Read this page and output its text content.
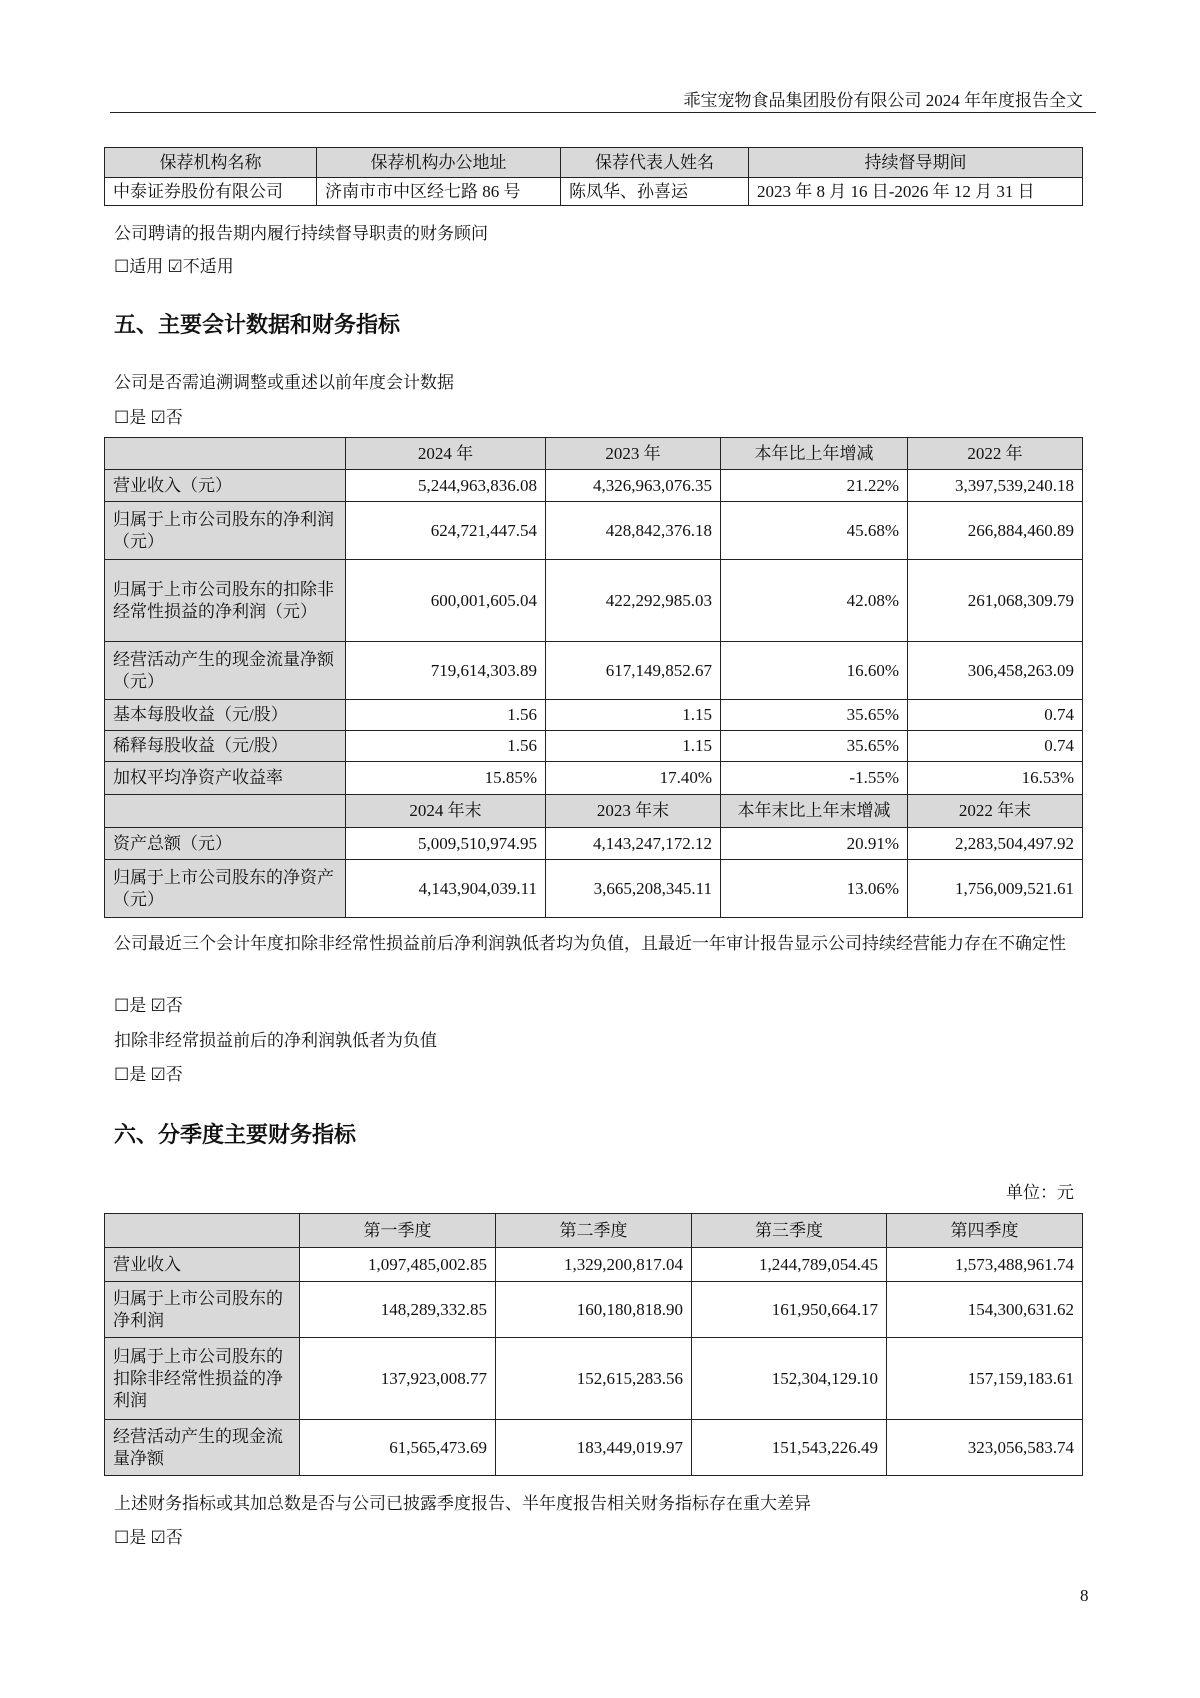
乖宝宠物食品集团股份有限公司 2024 年年度报告全文
保荐机构名称	保荐机构办公地址	保荐代表人姓名	持续督导期间
中泰证券股份有限公司	济南市市中区经七路 86 号	陈凤华、孙喜运	2023 年 8 月 16 日-2026 年 12 月 31 日
公司聘请的报告期内履行持续督导职责的财务顾问
☐适用 ☑不适用
五、主要会计数据和财务指标
公司是否需追溯调整或重述以前年度会计数据
☐是 ☑否
	2024 年	2023 年	本年比上年增减	2022 年
营业收入（元）	5,244,963,836.08	4,326,963,076.35	21.22%	3,397,539,240.18
归属于上市公司股东的净利润（元）	624,721,447.54	428,842,376.18	45.68%	266,884,460.89
归属于上市公司股东的扣除非经常性损益的净利润（元）	600,001,605.04	422,292,985.03	42.08%	261,068,309.79
经营活动产生的现金流量净额（元）	719,614,303.89	617,149,852.67	16.60%	306,458,263.09
基本每股收益（元/股）	1.56	1.15	35.65%	0.74
稀释每股收益（元/股）	1.56	1.15	35.65%	0.74
加权平均净资产收益率	15.85%	17.40%	-1.55%	16.53%
	2024 年末	2023 年末	本年末比上年末增减	2022 年末
资产总额（元）	5,009,510,974.95	4,143,247,172.12	20.91%	2,283,504,497.92
归属于上市公司股东的净资产（元）	4,143,904,039.11	3,665,208,345.11	13.06%	1,756,009,521.61
公司最近三个会计年度扣除非经常性损益前后净利润孰低者均为负值，且最近一年审计报告显示公司持续经营能力存在不确定性
☐是 ☑否
扣除非经常损益前后的净利润孰低者为负值
☐是 ☑否
六、分季度主要财务指标
单位：元
	第一季度	第二季度	第三季度	第四季度
营业收入	1,097,485,002.85	1,329,200,817.04	1,244,789,054.45	1,573,488,961.74
归属于上市公司股东的净利润	148,289,332.85	160,180,818.90	161,950,664.17	154,300,631.62
归属于上市公司股东的扣除非经常性损益的净利润	137,923,008.77	152,615,283.56	152,304,129.10	157,159,183.61
经营活动产生的现金流量净额	61,565,473.69	183,449,019.97	151,543,226.49	323,056,583.74
上述财务指标或其加总数是否与公司已披露季度报告、半年度报告相关财务指标存在重大差异
☐是 ☑否
8
